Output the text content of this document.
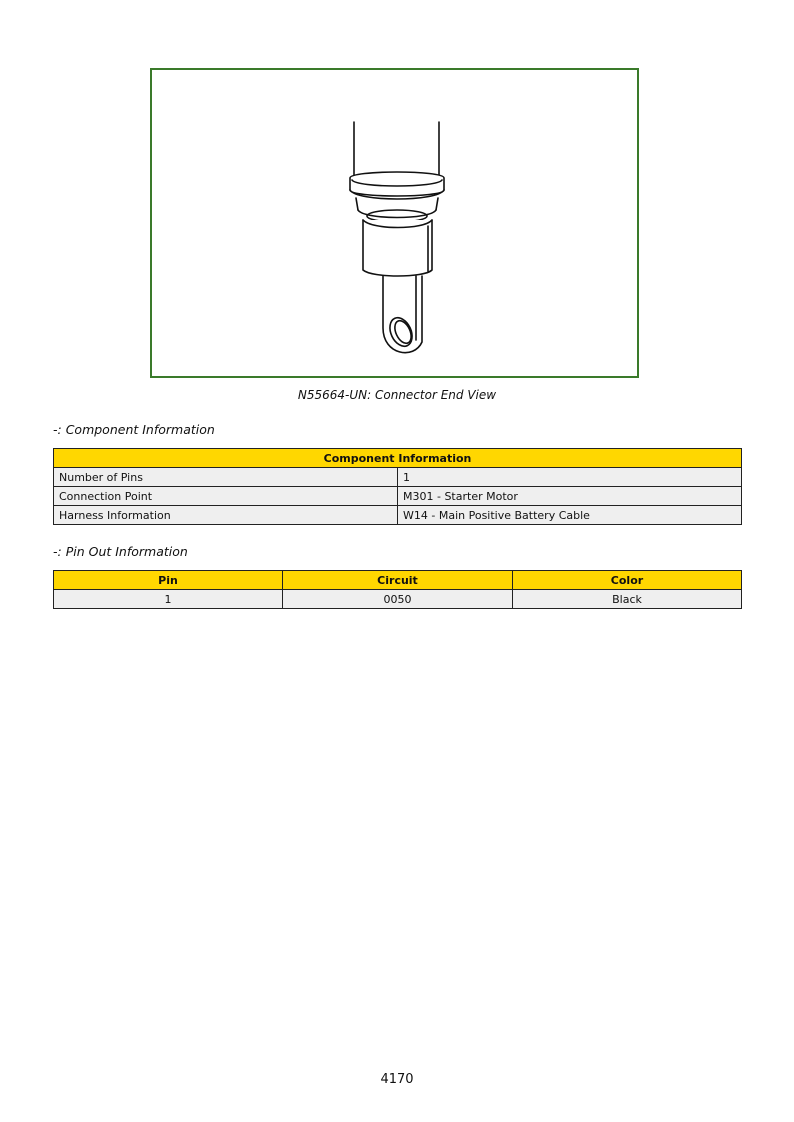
N55664-UN: Connector End View
-: Component Information
Component Information	
Number of Pins	1
Connection Point	M301 - Starter Motor
Harness Information	W14 - Main Positive Battery Cable
-: Pin Out Information
Pin	Circuit	Color
1	0050	Black
4170
